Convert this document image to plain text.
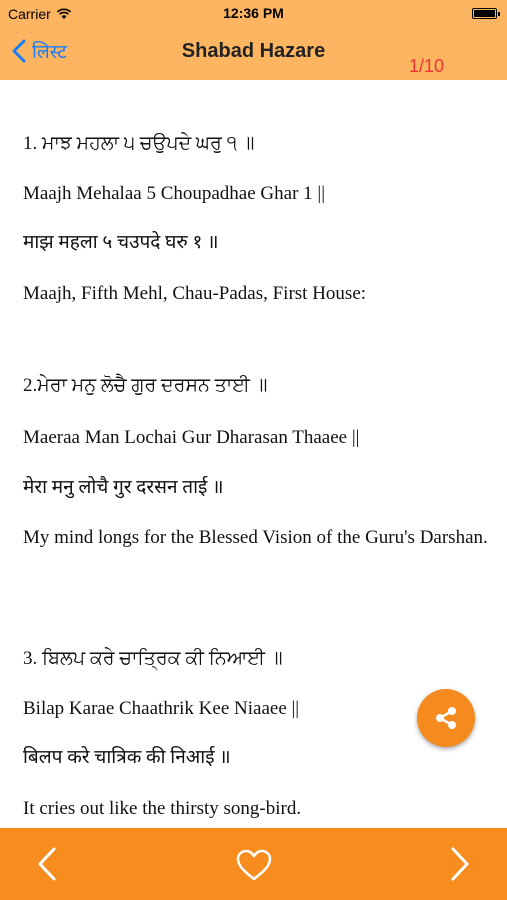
Carrier	12:36 PM
लिस्ट	Shabad Hazare
1/10
1. ਮਾਝ ਮਹਲਾ ੫ ਚਉਪਦੇ ਘਰੁ ੧ ॥
Maajh Mehalaa 5 Choupadhae Ghar 1 ||
माझ महला ५ चउपदे घरु १ ॥
Maajh, Fifth Mehl, Chau-Padas, First House:
2.ਮੇਰਾ ਮਨੁ ਲੋਚੈ ਗੁਰ ਦਰਸਨ ਤਾਈ ॥
Maeraa Man Lochai Gur Dharasan Thaaee ||
मेरा मनु लोचै गुर दरसन ताई ॥
My mind longs for the Blessed Vision of the Guru's Darshan.
3. ਬਿਲਪ ਕਰੇ ਚਾਤ੍ਰਿਕ ਕੀ ਨਿਆਈ ॥
Bilap Karae Chaathrik Kee Niaaee ||
बिलप करे चात्रिक की निआई ॥
It cries out like the thirsty song-bird.
